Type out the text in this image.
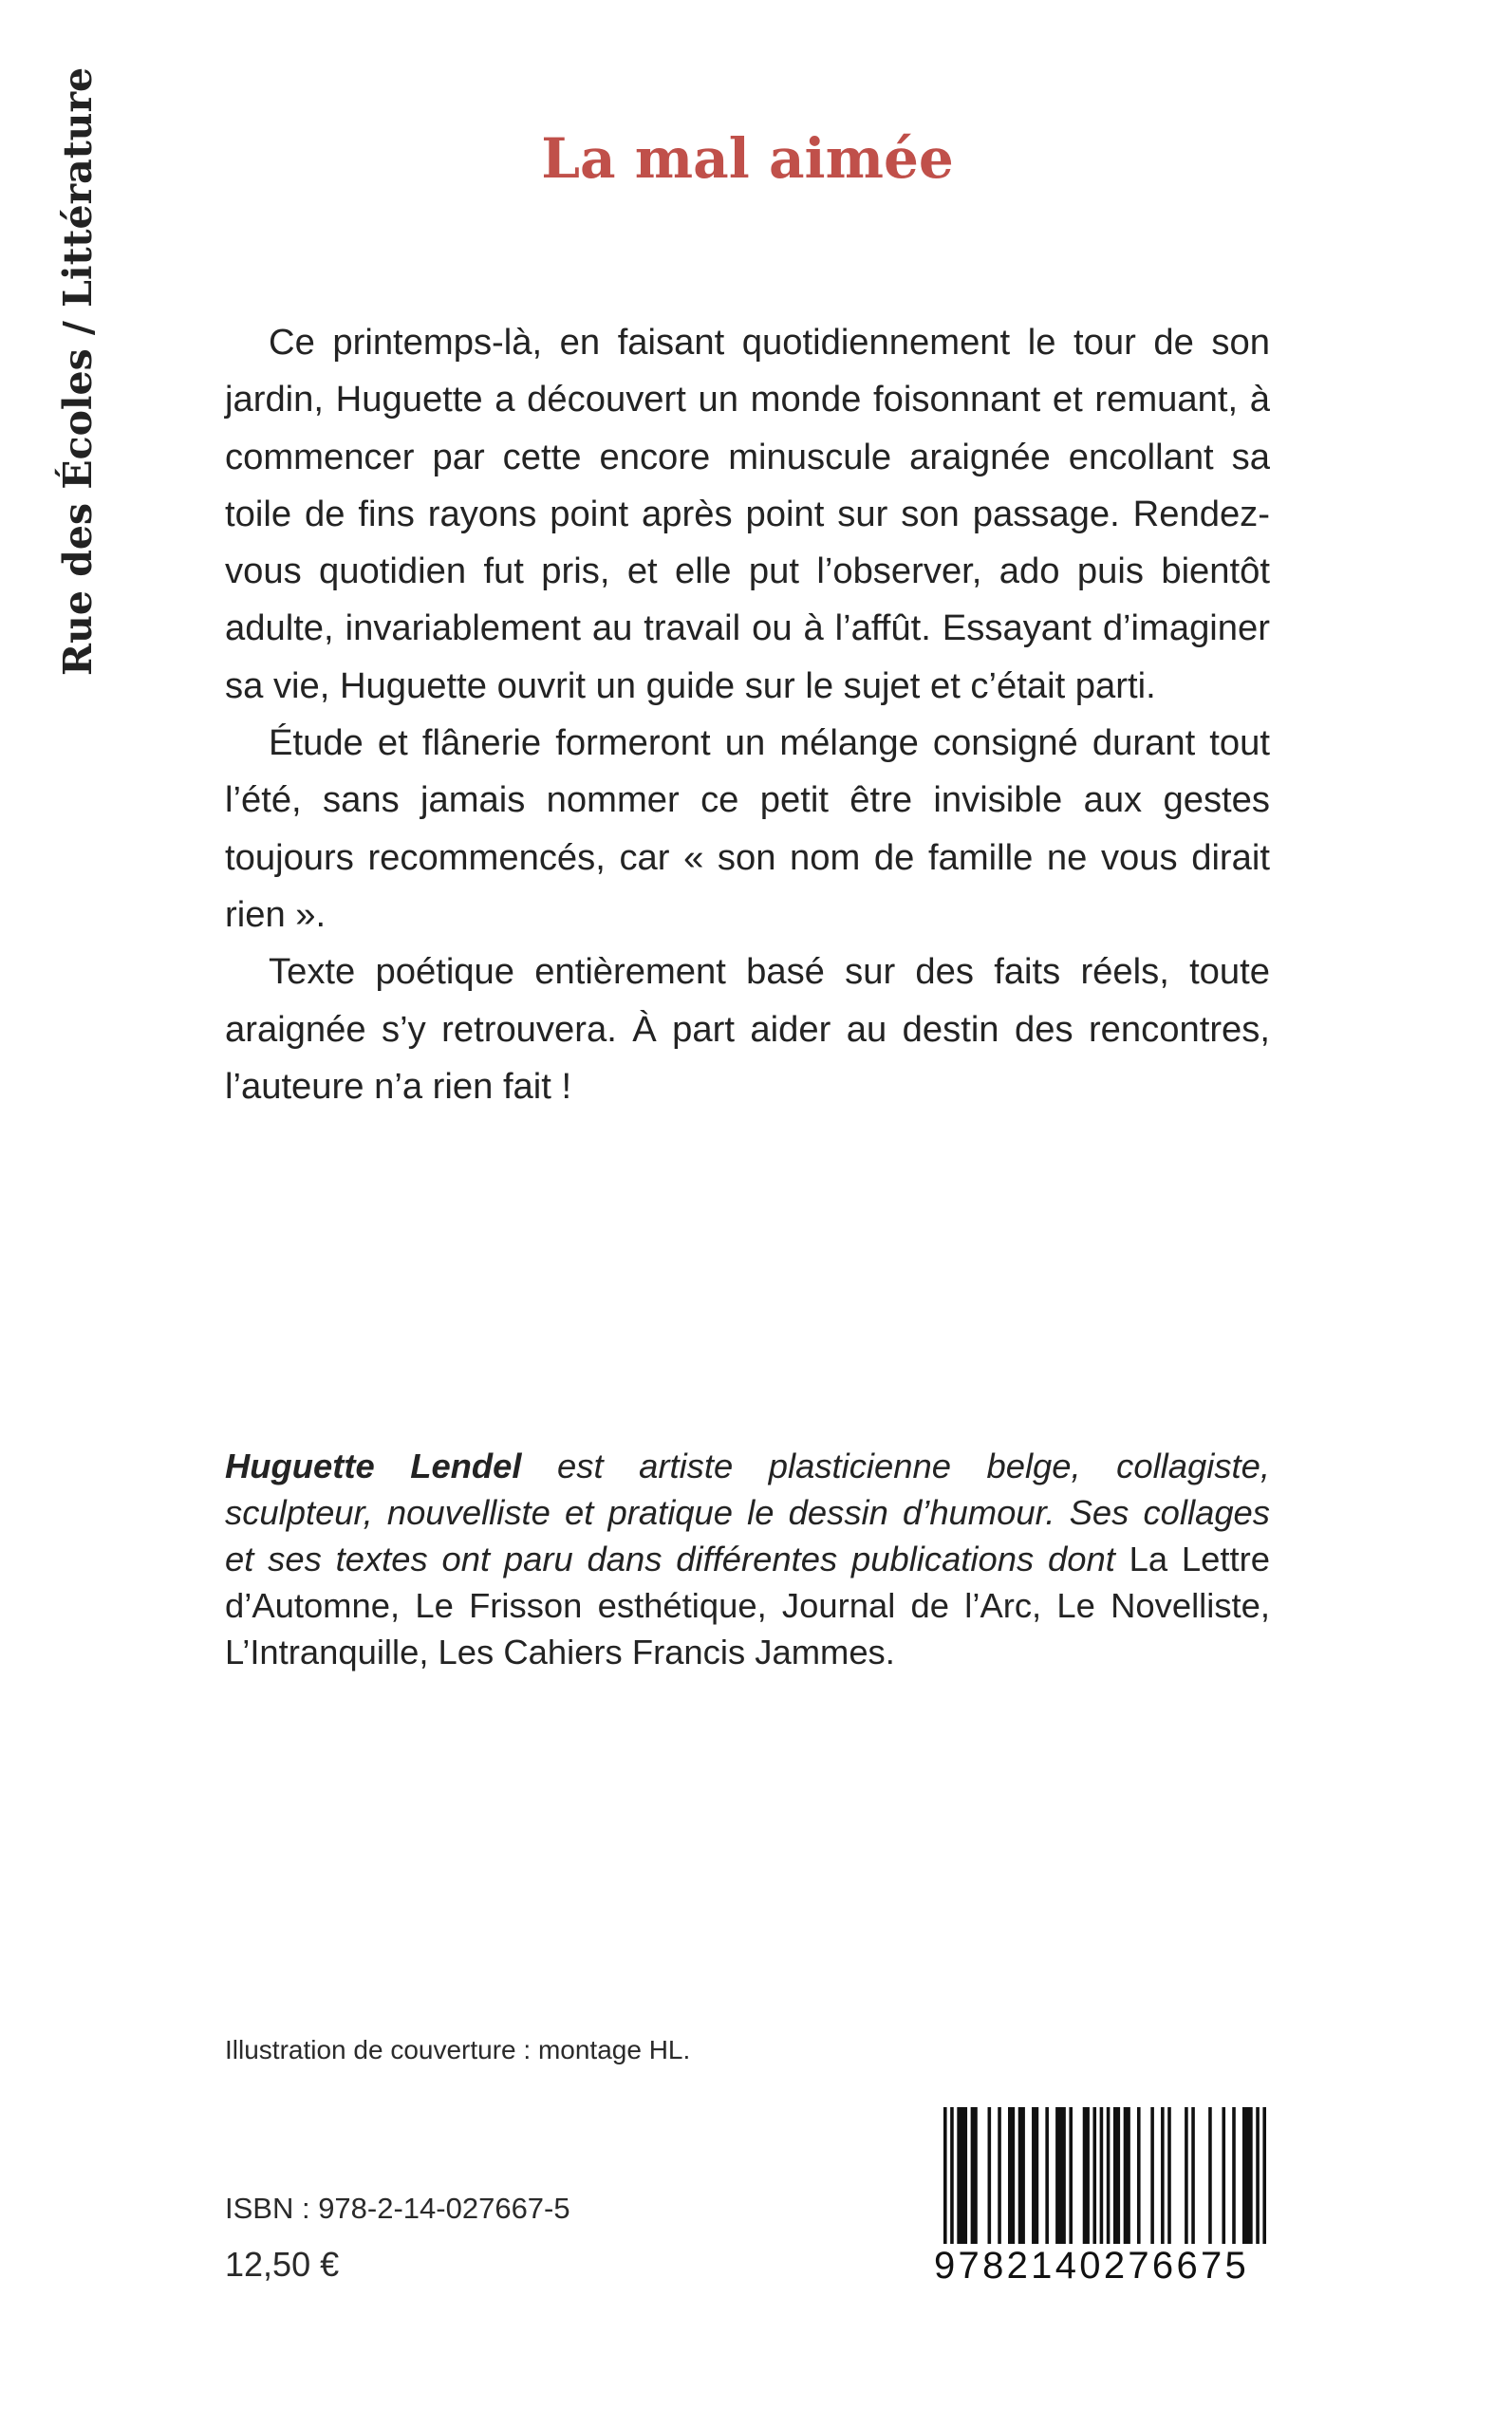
Rue des Écoles / Littérature	La mal aimée

Ce printemps-là, en faisant quotidiennement le tour de son jardin, Huguette a découvert un monde foisonnant et remuant, à commencer par cette encore minuscule araignée encollant sa toile de fins rayons point après point sur son passage. Rendez-vous quotidien fut pris, et elle put l’observer, ado puis bientôt adulte, invariablement au travail ou à l’affût. Essayant d’imaginer sa vie, Huguette ouvrit un guide sur le sujet et c’était parti.

Étude et flânerie formeront un mélange consigné durant tout l’été, sans jamais nommer ce petit être invisible aux gestes toujours recommencés, car « son nom de famille ne vous dirait rien ».

Texte poétique entièrement basé sur des faits réels, toute araignée s’y retrouvera. À part aider au destin des rencontres, l’auteure n’a rien fait !

Huguette Lendel est artiste plasticienne belge, collagiste, sculpteur, nouvelliste et pratique le dessin d’humour. Ses collages et ses textes ont paru dans différentes publications dont La Lettre d’Automne, Le Frisson esthétique, Journal de l’Arc, Le Novelliste, L’Intranquille, Les Cahiers Francis Jammes.

Illustration de couverture : montage HL.
ISBN : 978-2-14-027667-5
12,50 €	9782140276675
